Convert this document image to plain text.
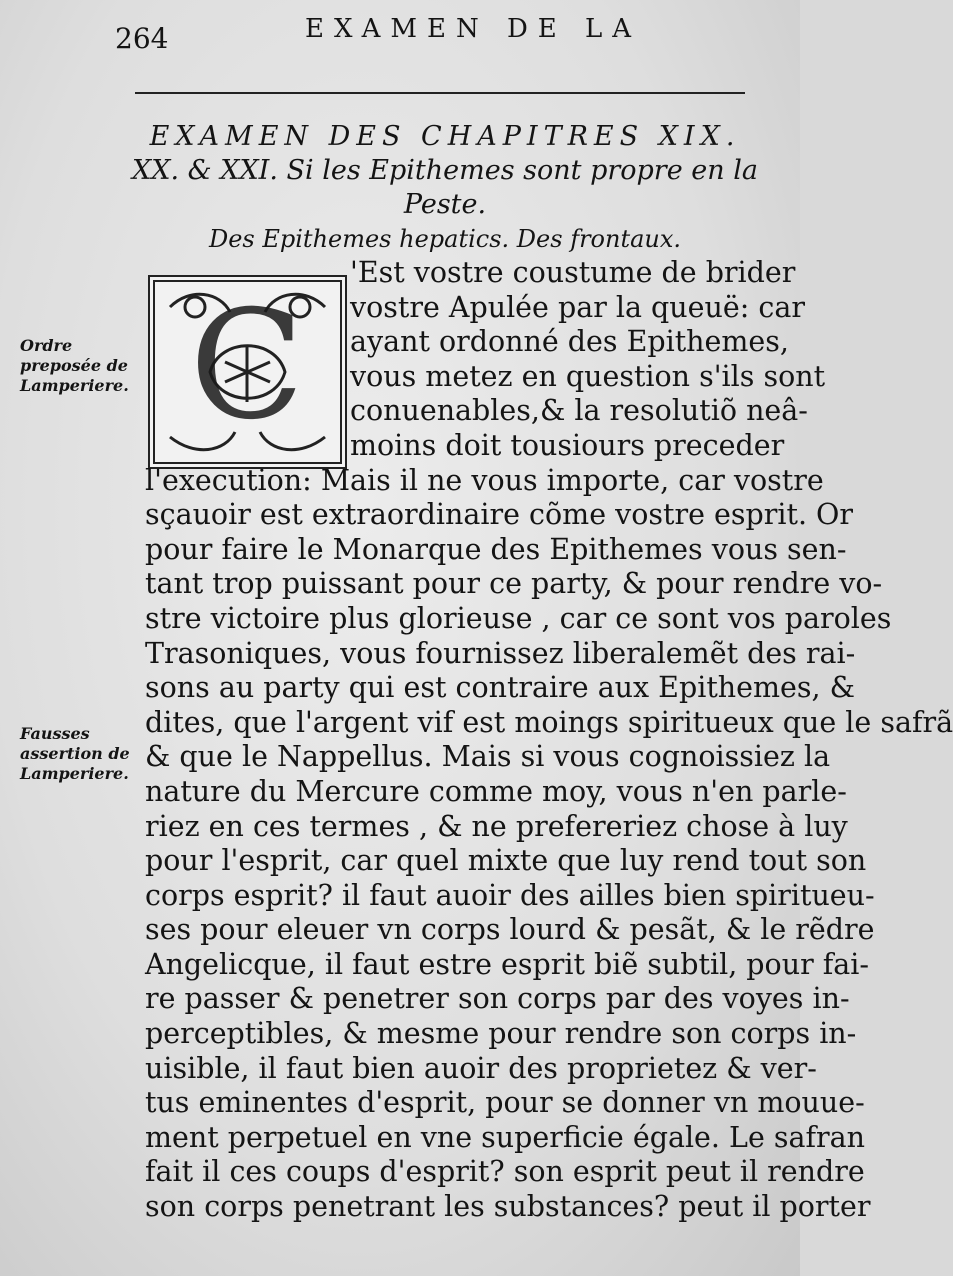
264	EXAMEN DE LA
EXAMEN DES CHAPITRES XIX.
XX. & XXI. Si les Epithemes sont propre en la Peste.
Des Epithemes hepatics. Des frontaux.
Ordre preposée de Lamperiere.
Fausses assertion de Lamperiere.
C
'Est vostre coustume de brider
vostre Apulée par la queuë: car
ayant ordonné des Epithemes,
vous metez en question s'ils sont
conuenables,& la resolutiõ neâ-
moins doit tousiours preceder
l'execution: Mais il ne vous importe, car vostre
sçauoir est extraordinaire cõme vostre esprit. Or
pour faire le Monarque des Epithemes vous sen-
tant trop puissant pour ce party, & pour rendre vo-
stre victoire plus glorieuse , car ce sont vos paroles
Trasoniques, vous fournissez liberalemẽt des rai-
sons au party qui est contraire aux Epithemes, &
dites, que l'argent vif est moings spiritueux que le safrã
& que le Nappellus. Mais si vous cognoissiez la
nature du Mercure comme moy, vous n'en parle-
riez en ces termes , & ne prefereriez chose à luy
pour l'esprit, car quel mixte que luy rend tout son
corps esprit? il faut auoir des ailles bien spiritueu-
ses pour eleuer vn corps lourd & pesãt, & le rẽdre
Angelicque, il faut estre esprit biẽ subtil, pour fai-
re passer & penetrer son corps par des voyes in-
perceptibles, & mesme pour rendre son corps in-
uisible, il faut bien auoir des proprietez & ver-
tus eminentes d'esprit, pour se donner vn mouue-
ment perpetuel en vne superficie égale. Le safran
fait il ces coups d'esprit? son esprit peut il rendre
son corps penetrant les substances? peut il porter
